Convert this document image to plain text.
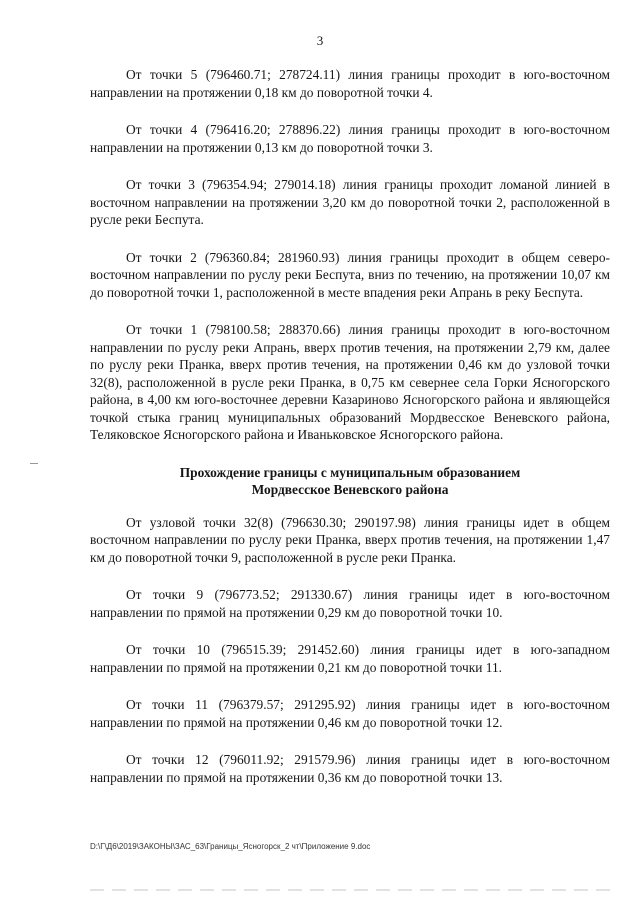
3

От точки 5 (796460.71; 278724.11) линия границы проходит в юго-восточном направлении на протяжении 0,18 км до поворотной точки 4.

От точки 4 (796416.20; 278896.22) линия границы проходит в юго-восточном направлении на протяжении 0,13 км до поворотной точки 3.

От точки 3 (796354.94; 279014.18) линия границы проходит ломаной линией в восточном направлении на протяжении 3,20 км до поворотной точки 2, расположенной в русле реки Беспута.

От точки 2 (796360.84; 281960.93) линия границы проходит в общем северо-восточном направлении по руслу реки Беспута, вниз по течению, на протяжении 10,07 км до поворотной точки 1, расположенной в месте впадения реки Апрань в реку Беспута.

От точки 1 (798100.58; 288370.66) линия границы проходит в юго-восточном направлении по руслу реки Апрань, вверх против течения, на протяжении 2,79 км, далее по руслу реки Пранка, вверх против течения, на протяжении 0,46 км до узловой точки 32(8), расположенной в русле реки Пранка, в 0,75 км севернее села Горки Ясногорского района, в 4,00 км юго-восточнее деревни Казариново Ясногорского района и являющейся точкой стыка границ муниципальных образований Мордвесское Веневского района, Теляковское Ясногорского района и Иваньковское Ясногорского района.

Прохождение границы с муниципальным образованием
Мордвесское Веневского района

От узловой точки 32(8) (796630.30; 290197.98) линия границы идет в общем восточном направлении по руслу реки Пранка, вверх против течения, на протяжении 1,47 км до поворотной точки 9, расположенной в русле реки Пранка.

От точки 9 (796773.52; 291330.67) линия границы идет в юго-восточном направлении по прямой на протяжении 0,29 км до поворотной точки 10.

От точки 10 (796515.39; 291452.60) линия границы идет в юго-западном направлении по прямой на протяжении 0,21 км до поворотной точки 11.

От точки 11 (796379.57; 291295.92) линия границы идет в юго-восточном направлении по прямой на протяжении 0,46 км до поворотной точки 12.

От точки 12 (796011.92; 291579.96) линия границы идет в юго-восточном направлении по прямой на протяжении 0,36 км до поворотной точки 13.

D:\Г\Д6\2019\ЗАКОНЫ\ЗАС_63\Границы_Ясногорск_2 чт\Приложение 9.doc
